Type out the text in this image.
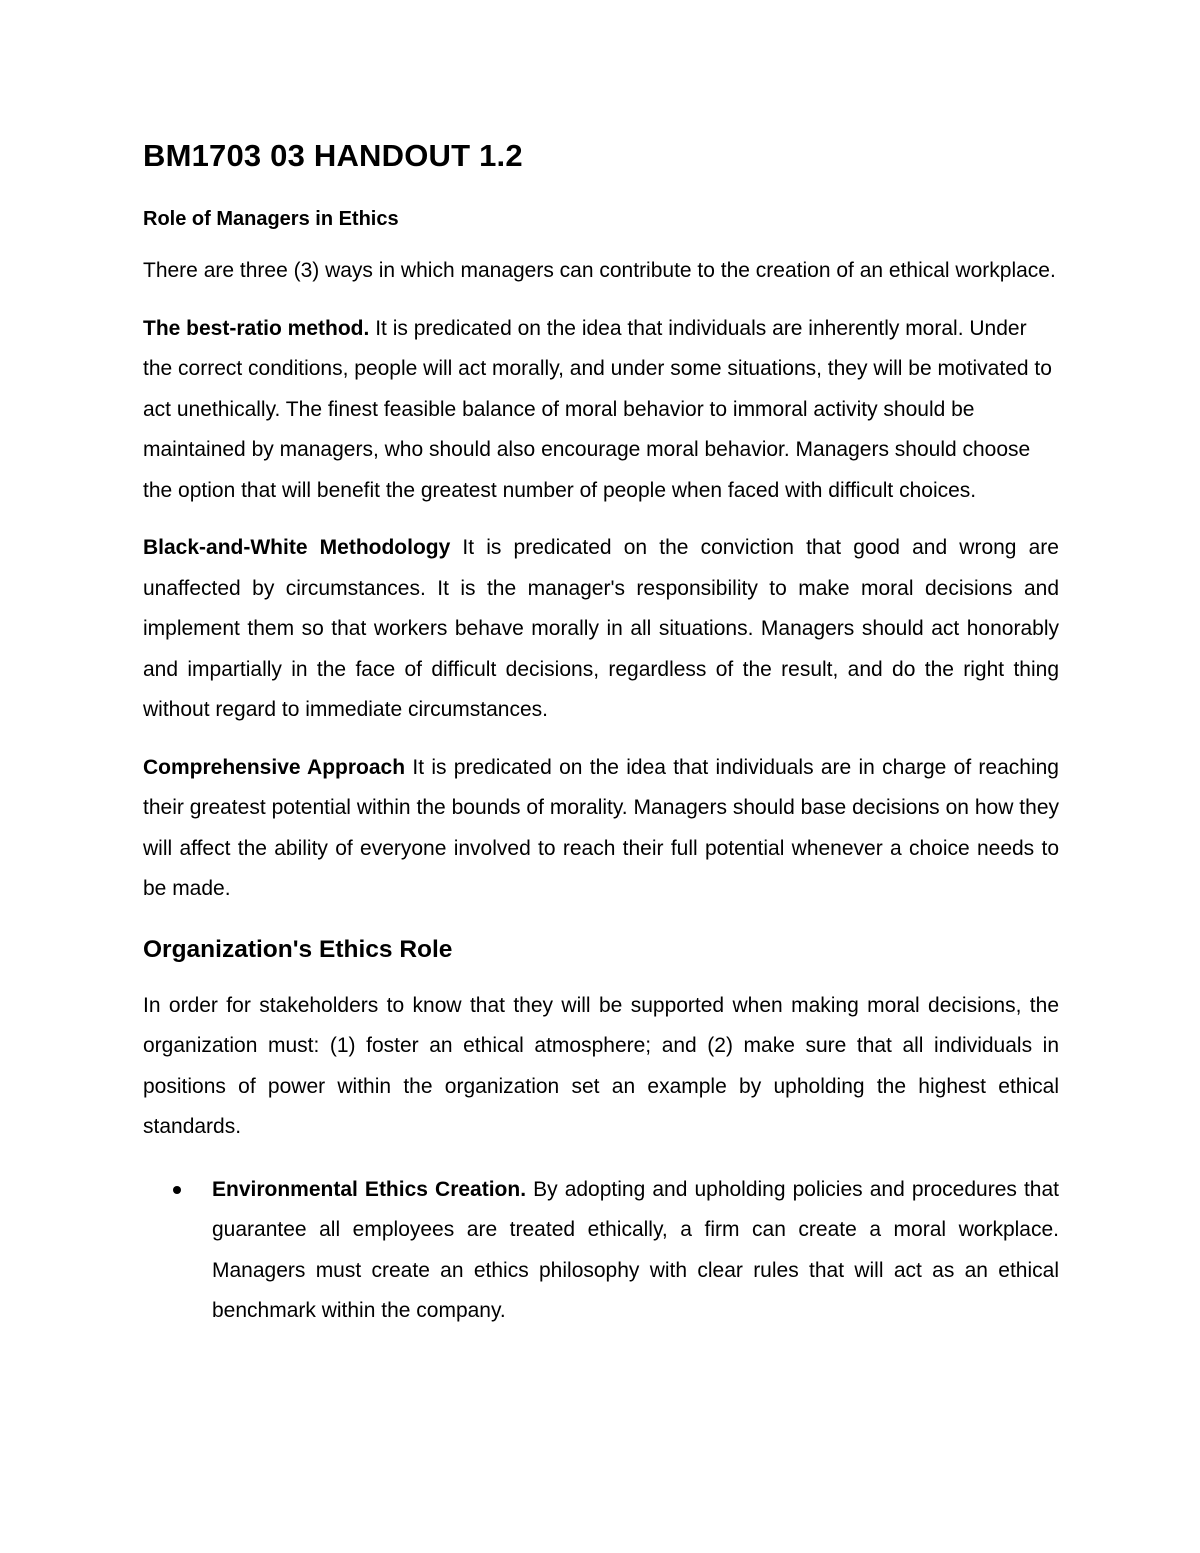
BM1703 03 HANDOUT 1.2
Role of Managers in Ethics

There are three (3) ways in which managers can contribute to the creation of an ethical workplace.

The best-ratio method. It is predicated on the idea that individuals are inherently moral. Under the correct conditions, people will act morally, and under some situations, they will be motivated to act unethically. The finest feasible balance of moral behavior to immoral activity should be maintained by managers, who should also encourage moral behavior. Managers should choose the option that will benefit the greatest number of people when faced with difficult choices.

Black-and-White Methodology It is predicated on the conviction that good and wrong are unaffected by circumstances. It is the manager's responsibility to make moral decisions and implement them so that workers behave morally in all situations. Managers should act honorably and impartially in the face of difficult decisions, regardless of the result, and do the right thing without regard to immediate circumstances.

Comprehensive Approach It is predicated on the idea that individuals are in charge of reaching their greatest potential within the bounds of morality. Managers should base decisions on how they will affect the ability of everyone involved to reach their full potential whenever a choice needs to be made.

Organization's Ethics Role

In order for stakeholders to know that they will be supported when making moral decisions, the organization must: (1) foster an ethical atmosphere; and (2) make sure that all individuals in positions of power within the organization set an example by upholding the highest ethical standards.

Environmental Ethics Creation. By adopting and upholding policies and procedures that guarantee all employees are treated ethically, a firm can create a moral workplace. Managers must create an ethics philosophy with clear rules that will act as an ethical benchmark within the company.
